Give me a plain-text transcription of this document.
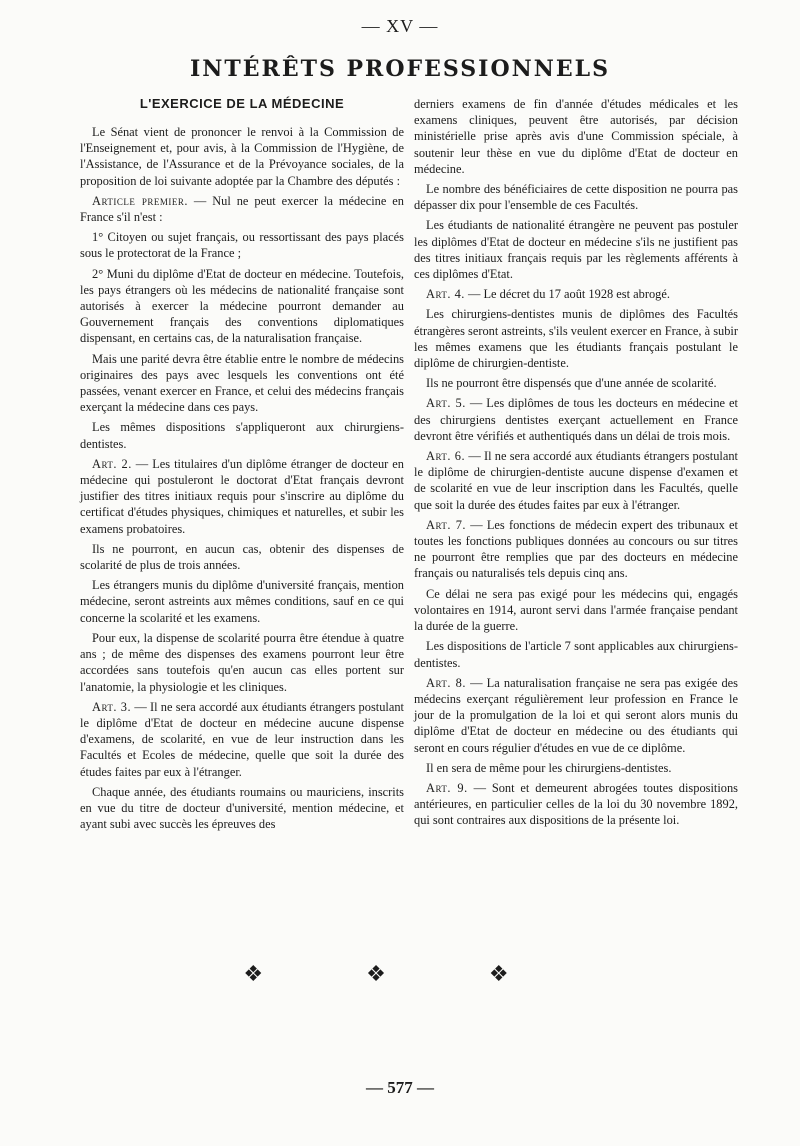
— XV —
INTÉRÊTS PROFESSIONNELS
L'EXERCICE DE LA MÉDECINE

Le Sénat vient de prononcer le renvoi à la Commission de l'Enseignement et, pour avis, à la Commission de l'Hygiène, de l'Assistance, de l'Assurance et de la Prévoyance sociales, de la proposition de loi suivante adoptée par la Chambre des députés :

Article premier. — Nul ne peut exercer la médecine en France s'il n'est :

1° Citoyen ou sujet français, ou ressortissant des pays placés sous le protectorat de la France ;

2° Muni du diplôme d'Etat de docteur en médecine. Toutefois, les pays étrangers où les médecins de nationalité française sont autorisés à exercer la médecine pourront demander au Gouvernement français des conventions diplomatiques dispensant, en certains cas, de la naturalisation française.

Mais une parité devra être établie entre le nombre de médecins originaires des pays avec lesquels les conventions ont été passées, venant exercer en France, et celui des médecins français exerçant la médecine dans ces pays.

Les mêmes dispositions s'appliqueront aux chirurgiens-dentistes.

Art. 2. — Les titulaires d'un diplôme étranger de docteur en médecine qui postuleront le doctorat d'Etat français devront justifier des titres initiaux requis pour s'inscrire au diplôme du certificat d'études physiques, chimiques et naturelles, et subir les examens probatoires.

Ils ne pourront, en aucun cas, obtenir des dispenses de scolarité de plus de trois années.

Les étrangers munis du diplôme d'université français, mention médecine, seront astreints aux mêmes conditions, sauf en ce qui concerne la scolarité et les examens.

Pour eux, la dispense de scolarité pourra être étendue à quatre ans ; de même des dispenses des examens pourront leur être accordées sans toutefois qu'en aucun cas elles portent sur l'anatomie, la physiologie et les cliniques.

Art. 3. — Il ne sera accordé aux étudiants étrangers postulant le diplôme d'Etat de docteur en médecine aucune dispense d'examens, de scolarité, en vue de leur instruction dans les Facultés et Ecoles de médecine, quelle que soit la durée des études faites par eux à l'étranger.

Chaque année, des étudiants roumains ou mauriciens, inscrits en vue du titre de docteur d'université, mention médecine, et ayant subi avec succès les épreuves des

derniers examens de fin d'année d'études médicales et les examens cliniques, peuvent être autorisés, par décision ministérielle prise après avis d'une Commission spéciale, à soutenir leur thèse en vue du diplôme d'Etat de docteur en médecine.

Le nombre des bénéficiaires de cette disposition ne pourra pas dépasser dix pour l'ensemble de ces Facultés.

Les étudiants de nationalité étrangère ne peuvent pas postuler les diplômes d'Etat de docteur en médecine s'ils ne justifient pas des titres initiaux français requis par les règlements afférents à ces diplômes d'Etat.

Art. 4. — Le décret du 17 août 1928 est abrogé.

Les chirurgiens-dentistes munis de diplômes des Facultés étrangères seront astreints, s'ils veulent exercer en France, à subir les mêmes examens que les étudiants français postulant le diplôme de chirurgien-dentiste.

Ils ne pourront être dispensés que d'une année de scolarité.

Art. 5. — Les diplômes de tous les docteurs en médecine et des chirurgiens dentistes exerçant actuellement en France devront être vérifiés et authentiqués dans un délai de trois mois.

Art. 6. — Il ne sera accordé aux étudiants étrangers postulant le diplôme de chirurgien-dentiste aucune dispense d'examen et de scolarité en vue de leur inscription dans les Facultés, quelle que soit la durée des études faites par eux à l'étranger.

Art. 7. — Les fonctions de médecin expert des tribunaux et toutes les fonctions publiques données au concours ou sur titres ne pourront être remplies que par des docteurs en médecine français ou naturalisés tels depuis cinq ans.

Ce délai ne sera pas exigé pour les médecins qui, engagés volontaires en 1914, auront servi dans l'armée française pendant la durée de la guerre.

Les dispositions de l'article 7 sont applicables aux chirurgiens-dentistes.

Art. 8. — La naturalisation française ne sera pas exigée des médecins exerçant régulièrement leur profession en France le jour de la promulgation de la loi et qui seront alors munis du diplôme d'Etat de docteur en médecine ou des étudiants qui seront en cours régulier d'études en vue de ce diplôme.

Il en sera de même pour les chirurgiens-dentistes.

Art. 9. — Sont et demeurent abrogées toutes dispositions antérieures, en particulier celles de la loi du 30 novembre 1892, qui sont contraires aux dispositions de la présente loi.

❖ ❖ ❖
— 577 —
